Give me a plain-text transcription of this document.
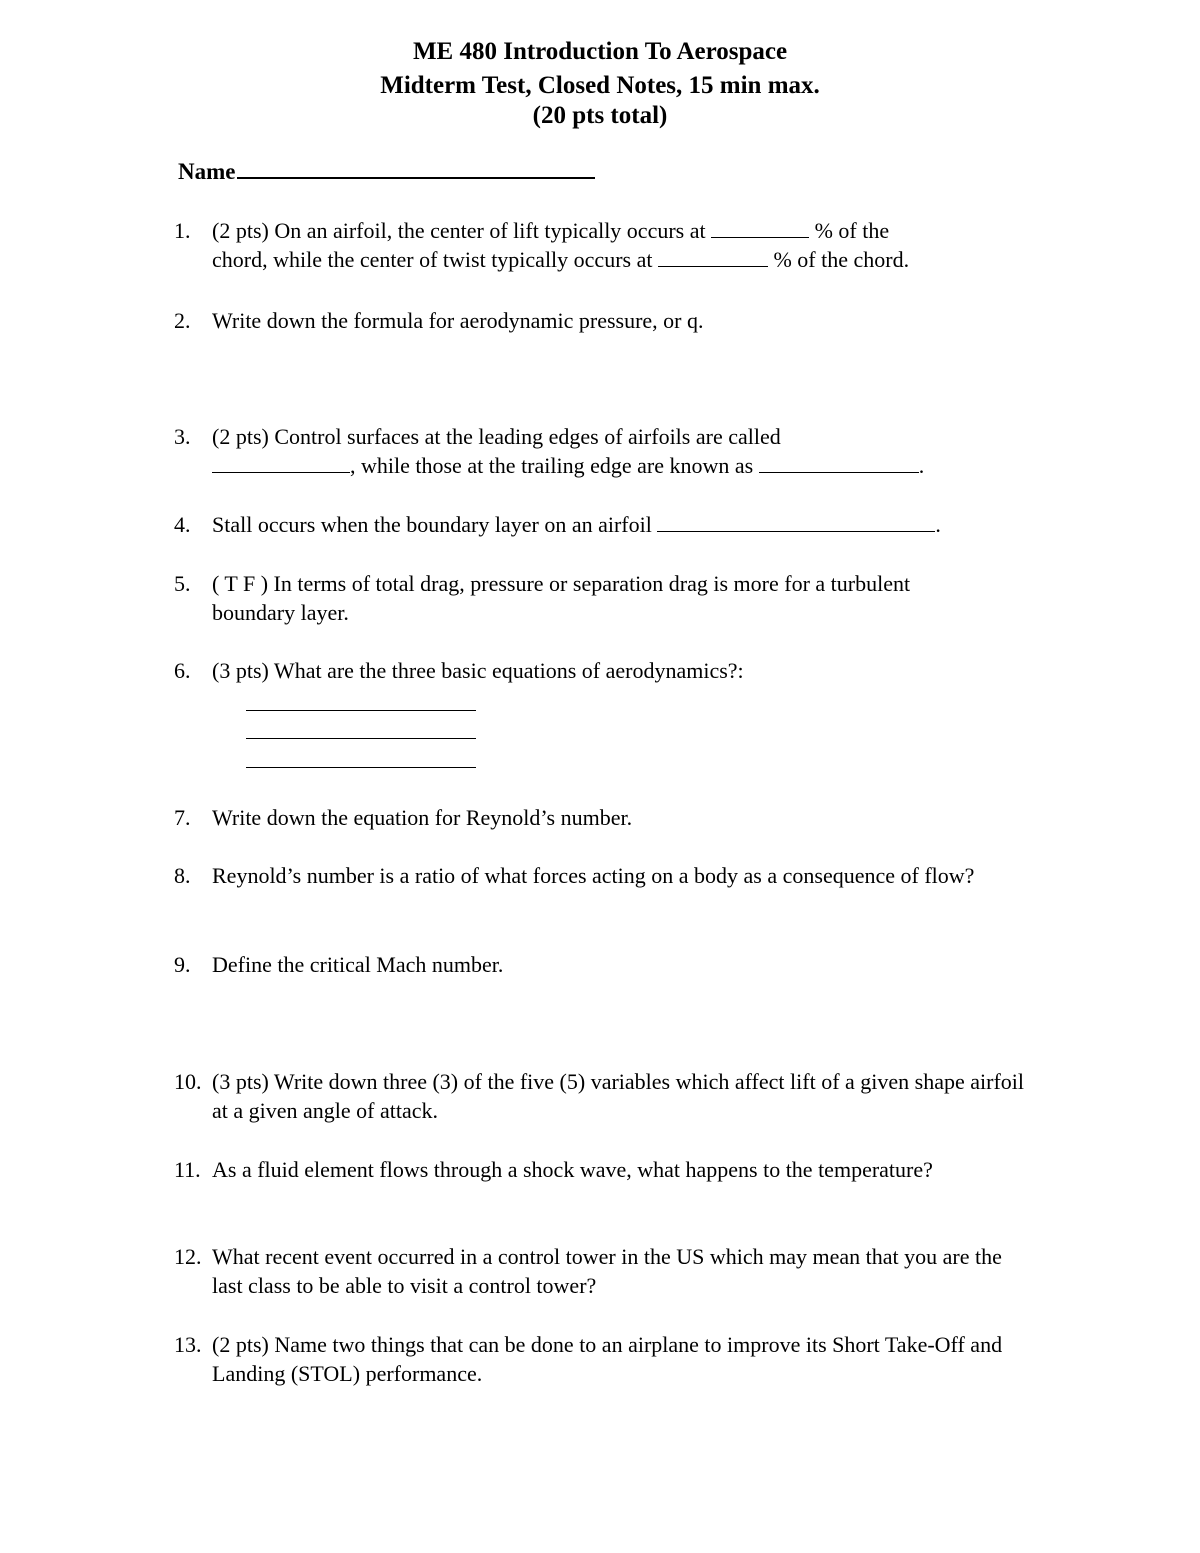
ME 480 Introduction To Aerospace
Midterm Test, Closed Notes, 15 min max.
(20 pts total)
Name
1. (2 pts) On an airfoil, the center of lift typically occurs at	% of the
chord, while the center of twist typically occurs at	% of the chord.
2. Write down the formula for aerodynamic pressure, or q.
3. (2 pts) Control surfaces at the leading edges of airfoils are called
, while those at the trailing edge are known as	.
4. Stall occurs when the boundary layer on an airfoil	.
5. ( T F ) In terms of total drag, pressure or separation drag is more for a turbulent boundary layer.
6. (3 pts) What are the three basic equations of aerodynamics?:
7. Write down the equation for Reynold’s number.
8. Reynold’s number is a ratio of what forces acting on a body as a consequence of flow?
9. Define the critical Mach number.
10. (3 pts) Write down three (3) of the five (5) variables which affect lift of a given shape airfoil at a given angle of attack.
11. As a fluid element flows through a shock wave, what happens to the temperature?
12. What recent event occurred in a control tower in the US which may mean that you are the last class to be able to visit a control tower?
13. (2 pts) Name two things that can be done to an airplane to improve its Short Take-Off and Landing (STOL) performance.
